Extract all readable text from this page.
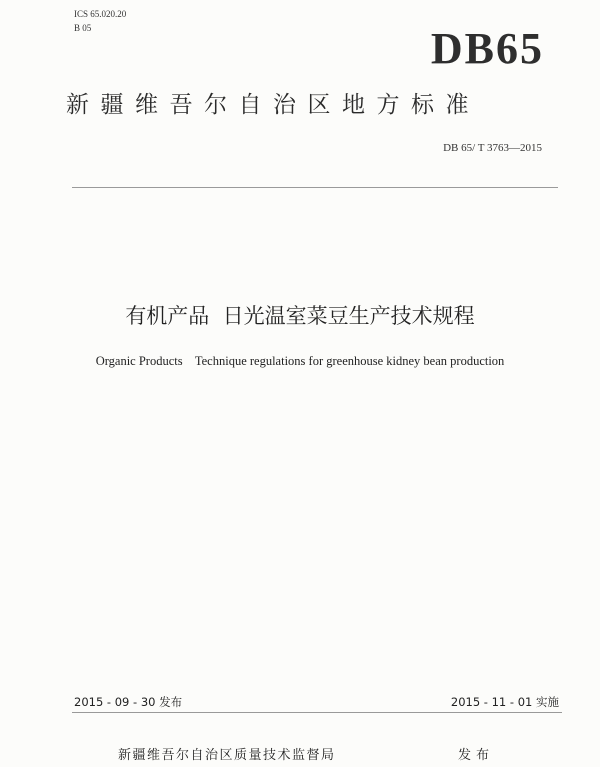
ICS 65.020.20
B 05	DB65
新疆维吾尔自治区地方标准
DB 65/ T 3763—2015
有机产品  日光温室菜豆生产技术规程
Organic Products    Technique regulations for greenhouse kidney bean production
2015 - 09 - 30 发布	2015 - 11 - 01 实施
新疆维吾尔自治区质量技术监督局	发布
